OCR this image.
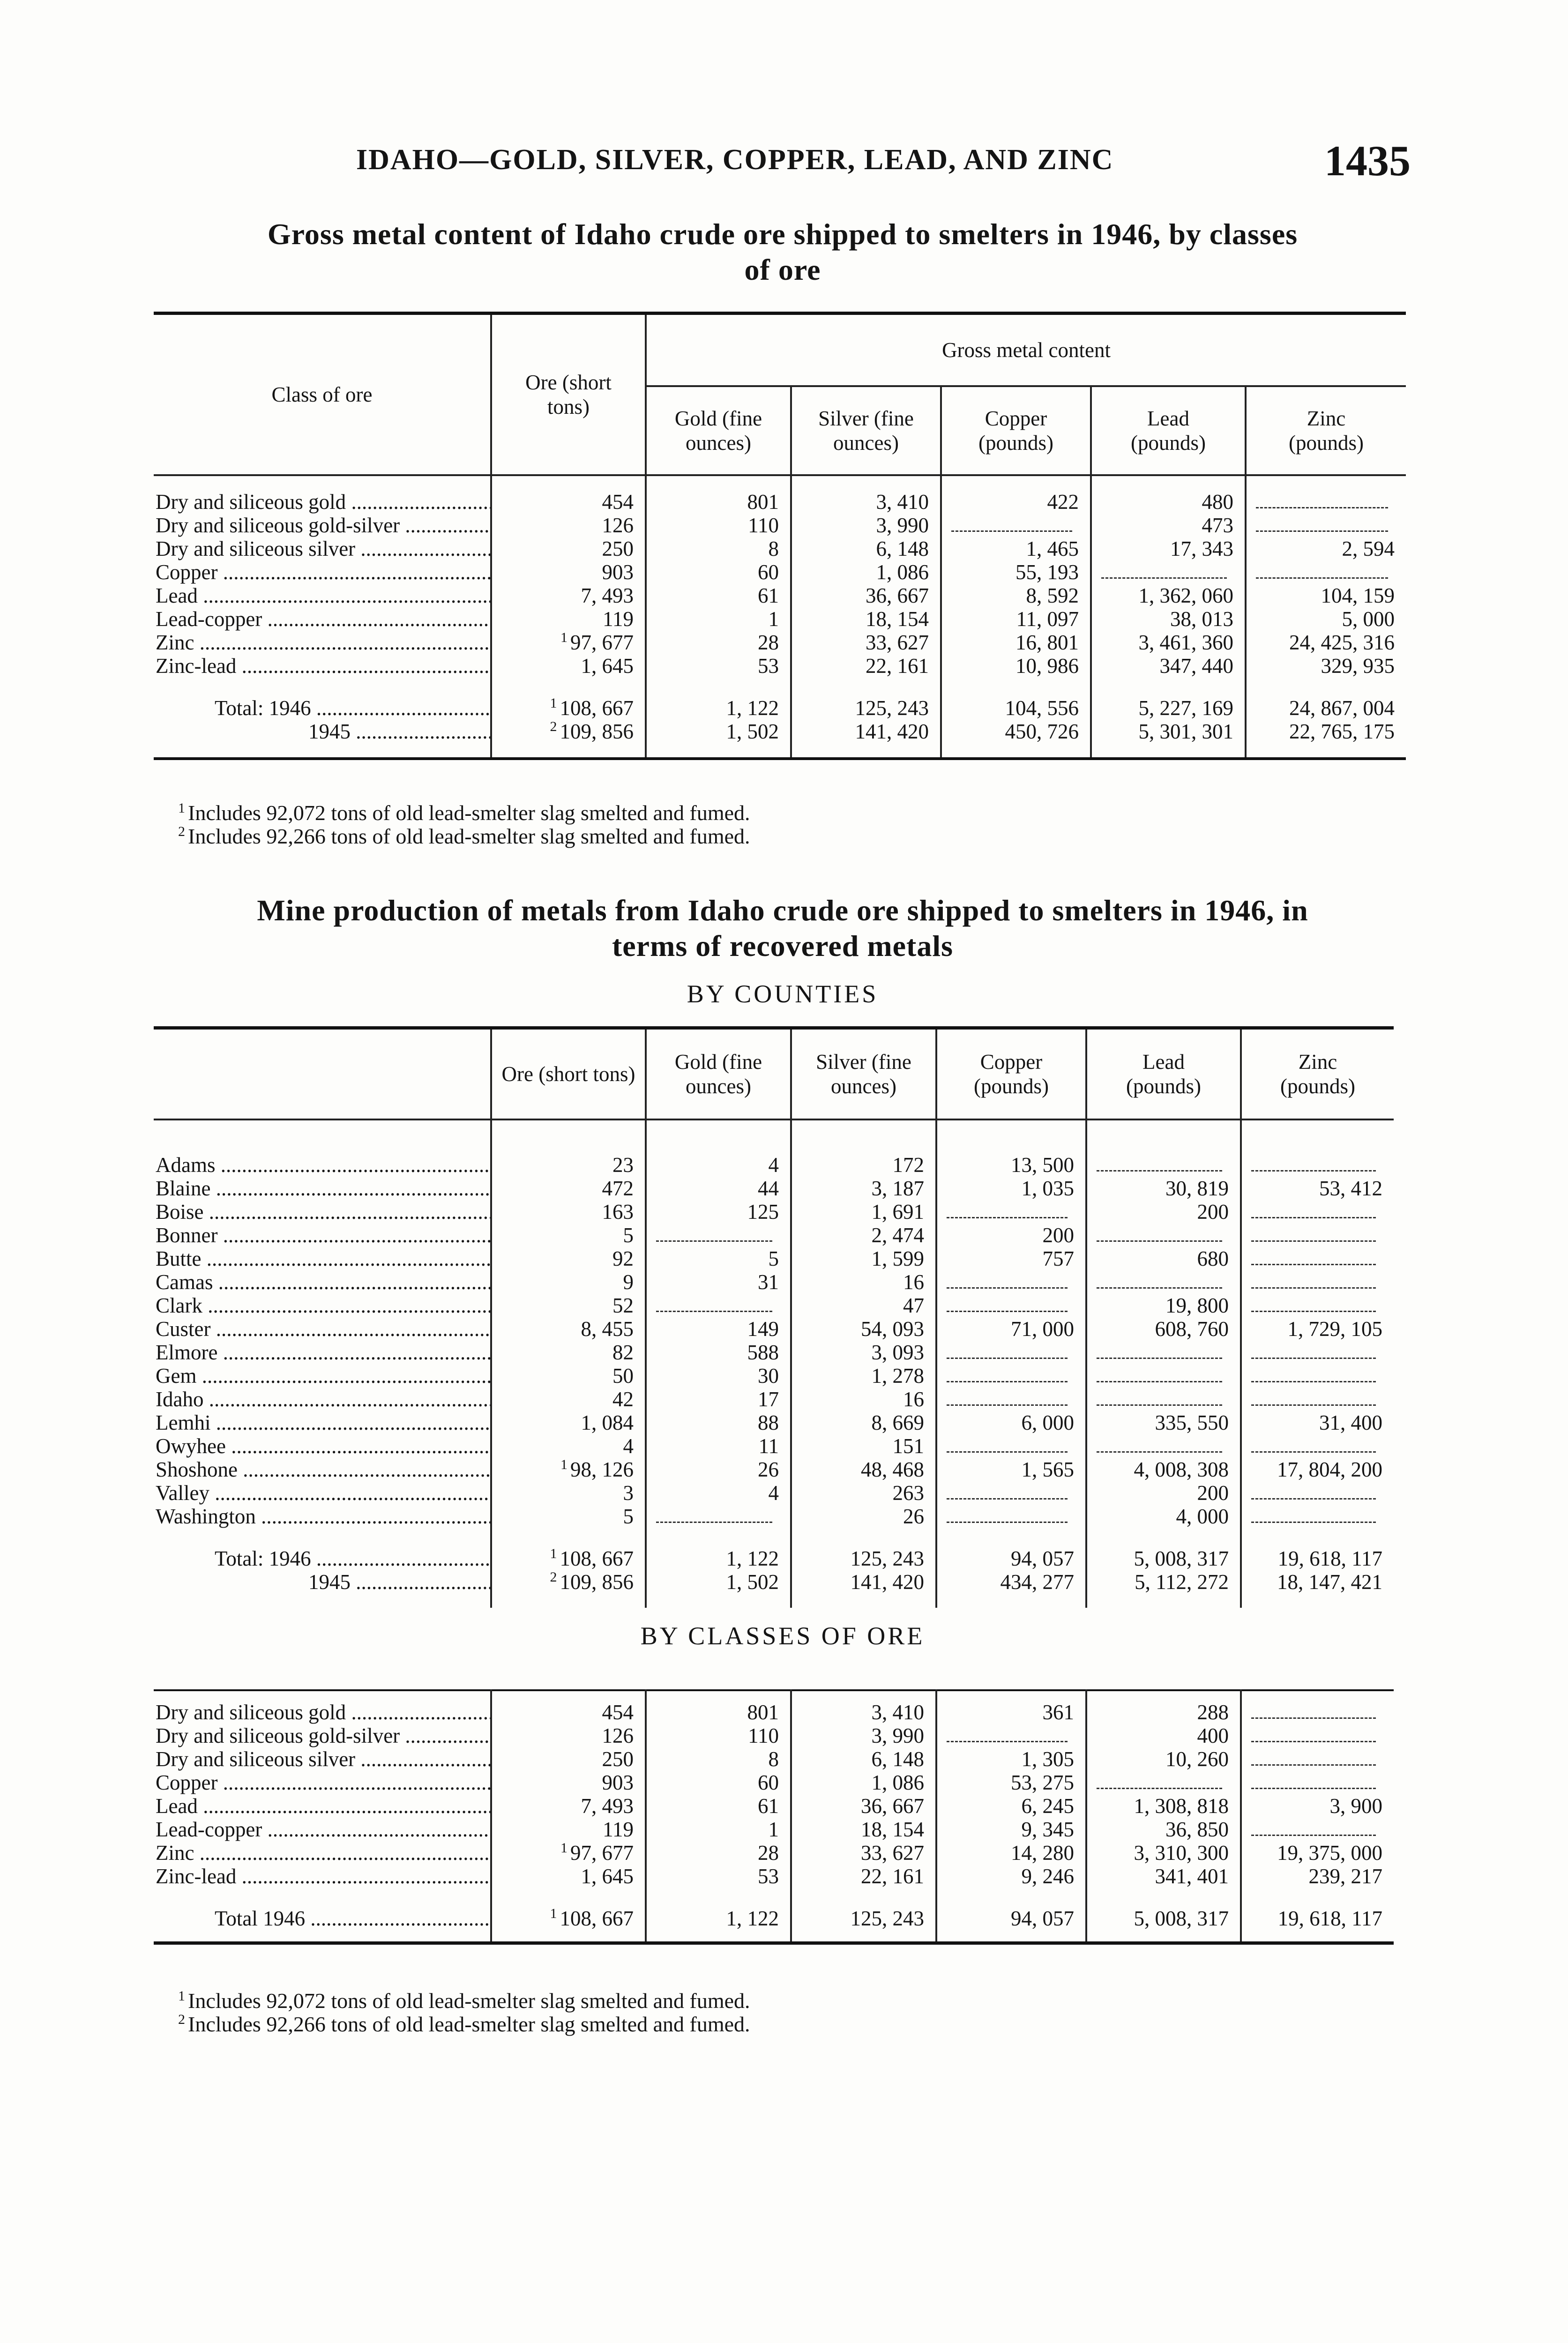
IDAHO—GOLD, SILVER, COPPER, LEAD, AND ZINC	1435

Gross metal content of Idaho crude ore shipped to smelters in 1946, by classes

of ore

Class of ore	Ore (short tons)	Gross metal content				
		Gold (fine ounces)	Silver (fine ounces)	Copper (pounds)	Lead (pounds)	Zinc (pounds)

Dry and siliceous gold .....	454	801	3, 410	422	480	

Dry and siliceous gold-silver .....	126	110	3, 990		473	

Dry and siliceous silver .....	250	8	6, 148	1, 465	17, 343	2, 594
Copper .....	903	60	1, 086	55, 193	

Lead .....	7, 493	61	36, 667	8, 592	1, 362, 060	104, 159
Lead-copper .....	119	1	18, 154	11, 097	38, 013	5, 000
Zinc .....	$^1$ 97, 677	28	33, 627	16, 801	3, 461, 360	24, 425, 316
Zinc-lead .....	1, 645	53	22, 161	10, 986	347, 440	329, 935

Total: 1946 .....	$^1$ 108, 667	1, 122	125, 243	104, 556	5, 227, 169	24, 867, 004
1945 .....	$^2$ 109, 856	1, 502	141, 420	450, 726	5, 301, 301	22, 765, 175

$^1$ Includes 92,072 tons of old lead-smelter slag smelted and fumed.

$^2$ Includes 92,266 tons of old lead-smelter slag smelted and fumed.

Mine production of metals from Idaho crude ore shipped to smelters in 1946, in

terms of recovered metals

BY COUNTIES
	Ore (short tons)	Gold (fine ounces)	Silver (fine ounces)	Copper (pounds)	Lead (pounds)	Zinc (pounds)

Adams .....	23	4	172	13, 500	

Blaine .....	472	44	3, 187	1, 035	30, 819	53, 412
Boise .....	163	125	1, 691		200	

Bonner .....	5		2, 474	200	

Butte .....	92	5	1, 599	757	680	

Camas .....	9	31	16	

Clark .....	52		47		19, 800	

Custer .....	8, 455	149	54, 093	71, 000	608, 760	1, 729, 105
Elmore .....	82	588	3, 093	

Gem .....	50	30	1, 278	

Idaho .....	42	17	16	

Lemhi .....	1, 084	88	8, 669	6, 000	335, 550	31, 400
Owyhee .....	4	11	151	

Shoshone .....	$^1$ 98, 126	26	48, 468	1, 565	4, 008, 308	17, 804, 200
Valley .....	3	4	263		200	

Washington .....	5		26		4, 000	

Total: 1946 .....	$^1$ 108, 667	1, 122	125, 243	94, 057	5, 008, 317	19, 618, 117
1945 .....	$^2$ 109, 856	1, 502	141, 420	434, 277	5, 112, 272	18, 147, 421

BY CLASSES OF ORE

Dry and siliceous gold .....	454	801	3, 410	361	288	

Dry and siliceous gold-silver .....	126	110	3, 990		400	

Dry and siliceous silver .....	250	8	6, 148	1, 305	10, 260	

Copper .....	903	60	1, 086	53, 275	

Lead .....	7, 493	61	36, 667	6, 245	1, 308, 818	3, 900
Lead-copper .....	119	1	18, 154	9, 345	36, 850	

Zinc .....	$^1$ 97, 677	28	33, 627	14, 280	3, 310, 300	19, 375, 000
Zinc-lead .....	1, 645	53	22, 161	9, 246	341, 401	239, 217

Total 1946 .....	$^1$ 108, 667	1, 122	125, 243	94, 057	5, 008, 317	19, 618, 117

$^1$ Includes 92,072 tons of old lead-smelter slag smelted and fumed.

$^2$ Includes 92,266 tons of old lead-smelter slag smelted and fumed.
